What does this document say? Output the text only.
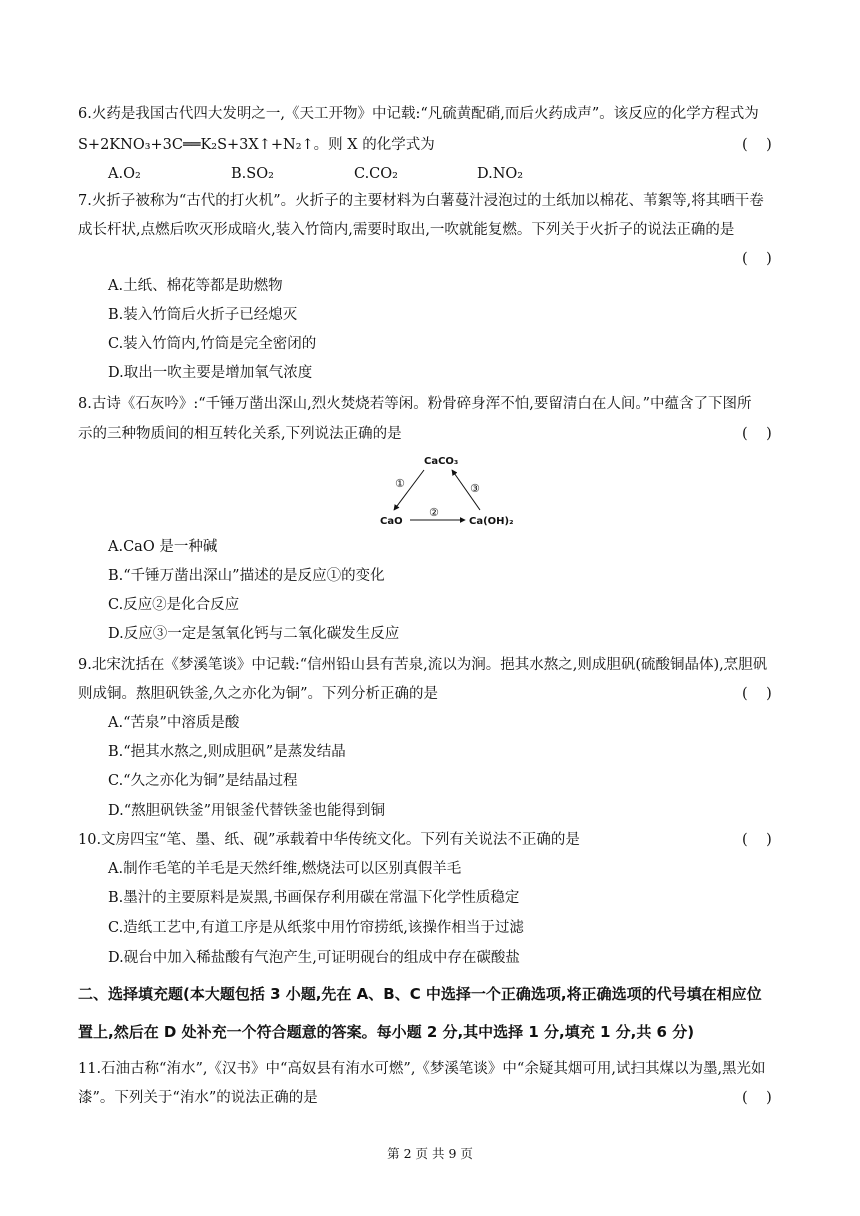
6.火药是我国古代四大发明之一,《天工开物》中记载:“凡硫黄配硝,而后火药成声”。该反应的化学方程式为
S+2KNO₃+3C══K₂S+3X↑+N₂↑。则 X 的化学式为	(    )
A.O₂	B.SO₂	C.CO₂	D.NO₂
7.火折子被称为“古代的打火机”。火折子的主要材料为白薯蔓汁浸泡过的土纸加以棉花、苇絮等,将其晒干卷
成长杆状,点燃后吹灭形成暗火,装入竹筒内,需要时取出,一吹就能复燃。下列关于火折子的说法正确的是
(    )
A.土纸、棉花等都是助燃物
B.装入竹筒后火折子已经熄灭
C.装入竹筒内,竹筒是完全密闭的
D.取出一吹主要是增加氧气浓度
8.古诗《石灰吟》:“千锤万凿出深山,烈火焚烧若等闲。粉骨碎身浑不怕,要留清白在人间。”中蕴含了下图所
示的三种物质间的相互转化关系,下列说法正确的是	(    )
CaCO₃
CaO	Ca(OH)₂
①
②
③
A.CaO 是一种碱
B.“千锤万凿出深山”描述的是反应①的变化
C.反应②是化合反应
D.反应③一定是氢氧化钙与二氧化碳发生反应
9.北宋沈括在《梦溪笔谈》中记载:“信州铅山县有苦泉,流以为涧。挹其水熬之,则成胆矾(硫酸铜晶体),烹胆矾
则成铜。熬胆矾铁釜,久之亦化为铜”。下列分析正确的是	(    )
A.“苦泉”中溶质是酸
B.“挹其水熬之,则成胆矾”是蒸发结晶
C.“久之亦化为铜”是结晶过程
D.“熬胆矾铁釜”用银釜代替铁釜也能得到铜
10.文房四宝“笔、墨、纸、砚”承载着中华传统文化。下列有关说法不正确的是	(    )
A.制作毛笔的羊毛是天然纤维,燃烧法可以区别真假羊毛
B.墨汁的主要原料是炭黑,书画保存利用碳在常温下化学性质稳定
C.造纸工艺中,有道工序是从纸浆中用竹帘捞纸,该操作相当于过滤
D.砚台中加入稀盐酸有气泡产生,可证明砚台的组成中存在碳酸盐
二、选择填充题(本大题包括 3 小题,先在 A、B、C 中选择一个正确选项,将正确选项的代号填在相应位
置上,然后在 D 处补充一个符合题意的答案。每小题 2 分,其中选择 1 分,填充 1 分,共 6 分)
11.石油古称“洧水”,《汉书》中“高奴县有洧水可燃”,《梦溪笔谈》中“余疑其烟可用,试扫其煤以为墨,黑光如
漆”。下列关于“洧水”的说法正确的是	(    )
第 2 页 共 9 页
